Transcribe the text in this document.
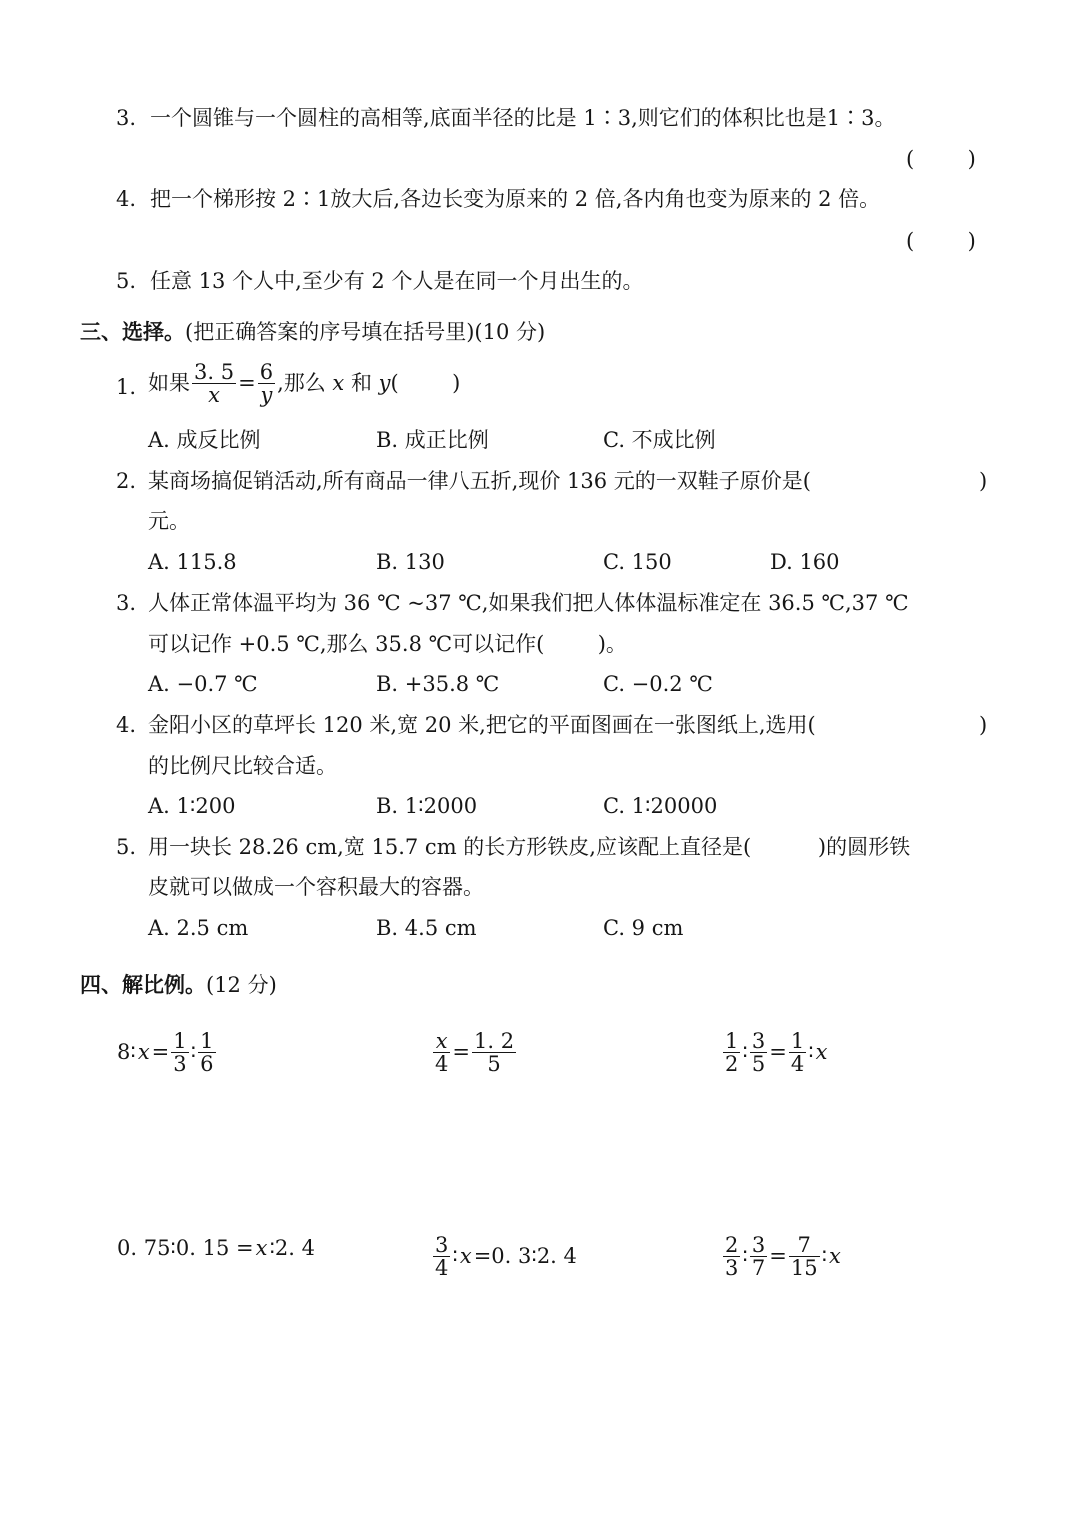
3. 一个圆锥与一个圆柱的高相等,底面半径的比是 1∶3,则它们的体积比也是1∶3。
(        )
4. 把一个梯形按 2∶1放大后,各边长变为原来的 2 倍,各内角也变为原来的 2 倍。
(        )
5. 任意 13 个人中,至少有 2 个人是在同一个月出生的。
三、选择。(把正确答案的序号填在括号里)(10 分)
1. 如果 $\frac{3. 5}{x} = \frac{6}{y}$ ,那么 x 和 y (        )
A. 成反比例	B. 成正比例	C. 不成比例
2. 某商场搞促销活动,所有商品一律八五折,现价 136 元的一双鞋子原价是(	)
元。
A. 115.8	B. 130	C. 150	D. 160
3. 人体正常体温平均为 36 ℃ ~37 ℃,如果我们把人体体温标准定在 36.5 ℃,37 ℃
可以记作 +0.5 ℃,那么 35.8 ℃可以记作(        )。
A. −0.7 ℃	B. +35.8 ℃	C. −0.2 ℃
4. 金阳小区的草坪长 120 米,宽 20 米,把它的平面图画在一张图纸上,选用(	)
的比例尺比较合适。
A. 1∶200	B. 1∶2000	C. 1∶20000
5. 用一块长 28.26 cm,宽 15.7 cm 的长方形铁皮,应该配上直径是(          )的圆形铁
皮就可以做成一个容积最大的容器。
A. 2.5 cm	B. 4.5 cm	C. 9 cm
四、解比例。(12 分)
8∶ $x = \frac{1}{3}$ ∶ $\frac{1}{6}$	$\frac{x}{4} = \frac{1. 2}{5}$	$\frac{1}{2}$ ∶ $\frac{3}{5} = \frac{1}{4}$ ∶ x
0. 75∶0. 15 = x ∶2. 4	$\frac{3}{4}$ ∶ x =0. 3∶2. 4	$\frac{2}{3}$ ∶ $\frac{3}{7} = \frac{7}{15}$ ∶ x
